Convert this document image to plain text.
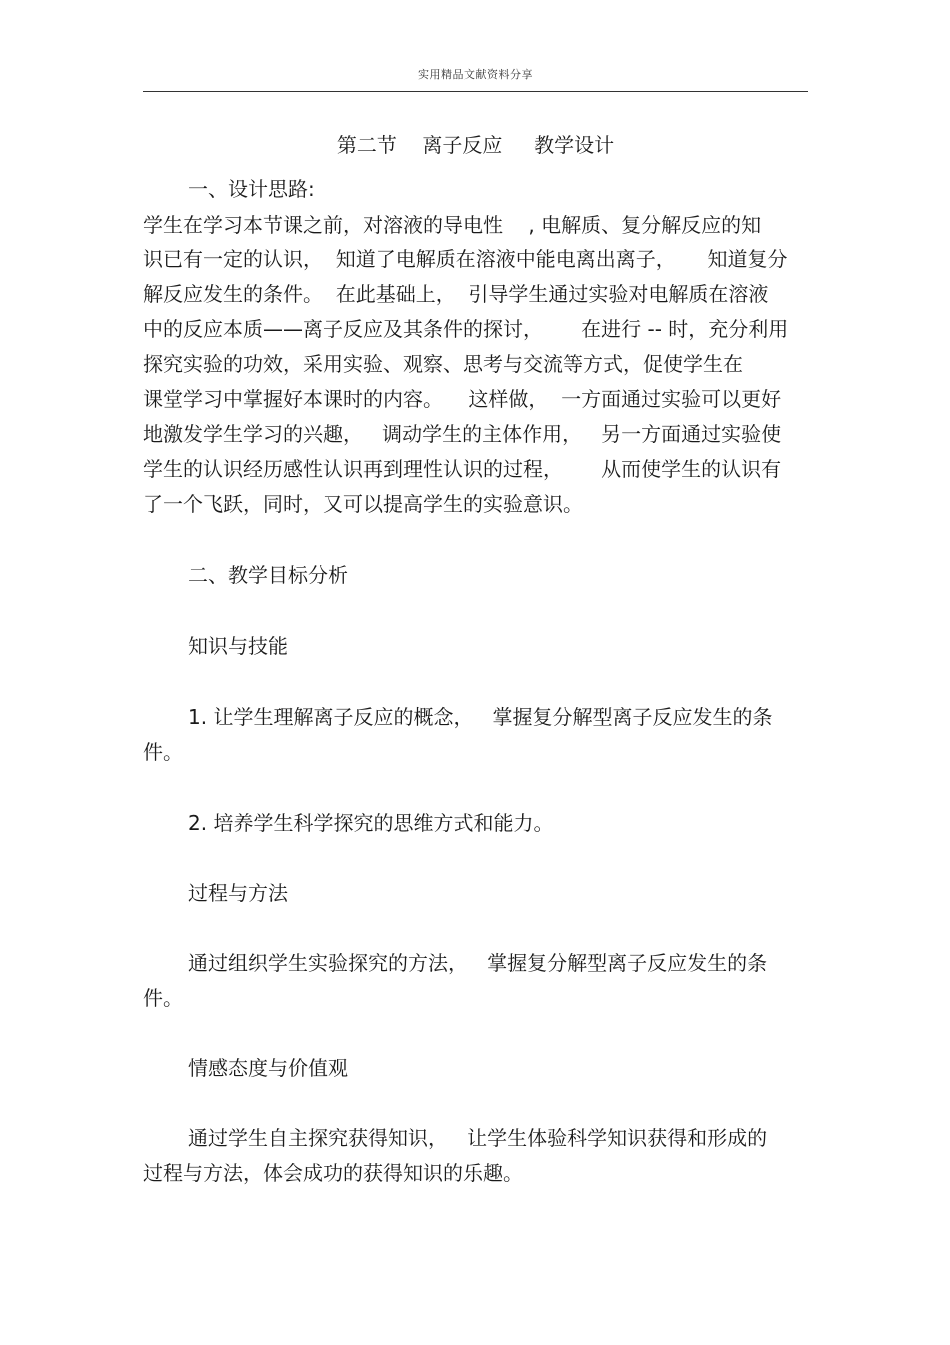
实用精品文献资料分享
第二节    离子反应     教学设计
一、设计思路:
学生在学习本节课之前，对溶液的导电性    , 电解质、复分解反应的知
识已有一定的认识，  知道了电解质在溶液中能电离出离子，     知道复分
解反应发生的条件。  在此基础上，  引导学生通过实验对电解质在溶液
中的反应本质——离子反应及其条件的探讨，      在进行 -- 时，充分利用
探究实验的功效，采用实验、观察、思考与交流等方式，促使学生在
课堂学习中掌握好本课时的内容。    这样做，  一方面通过实验可以更好
地激发学生学习的兴趣，   调动学生的主体作用，   另一方面通过实验使
学生的认识经历感性认识再到理性认识的过程，      从而使学生的认识有
了一个飞跃，同时，又可以提高学生的实验意识。
二、教学目标分析
知识与技能
1. 让学生理解离子反应的概念，   掌握复分解型离子反应发生的条
件。
2. 培养学生科学探究的思维方式和能力。
过程与方法
通过组织学生实验探究的方法，   掌握复分解型离子反应发生的条
件。
情感态度与价值观
通过学生自主探究获得知识，   让学生体验科学知识获得和形成的
过程与方法，体会成功的获得知识的乐趣。
